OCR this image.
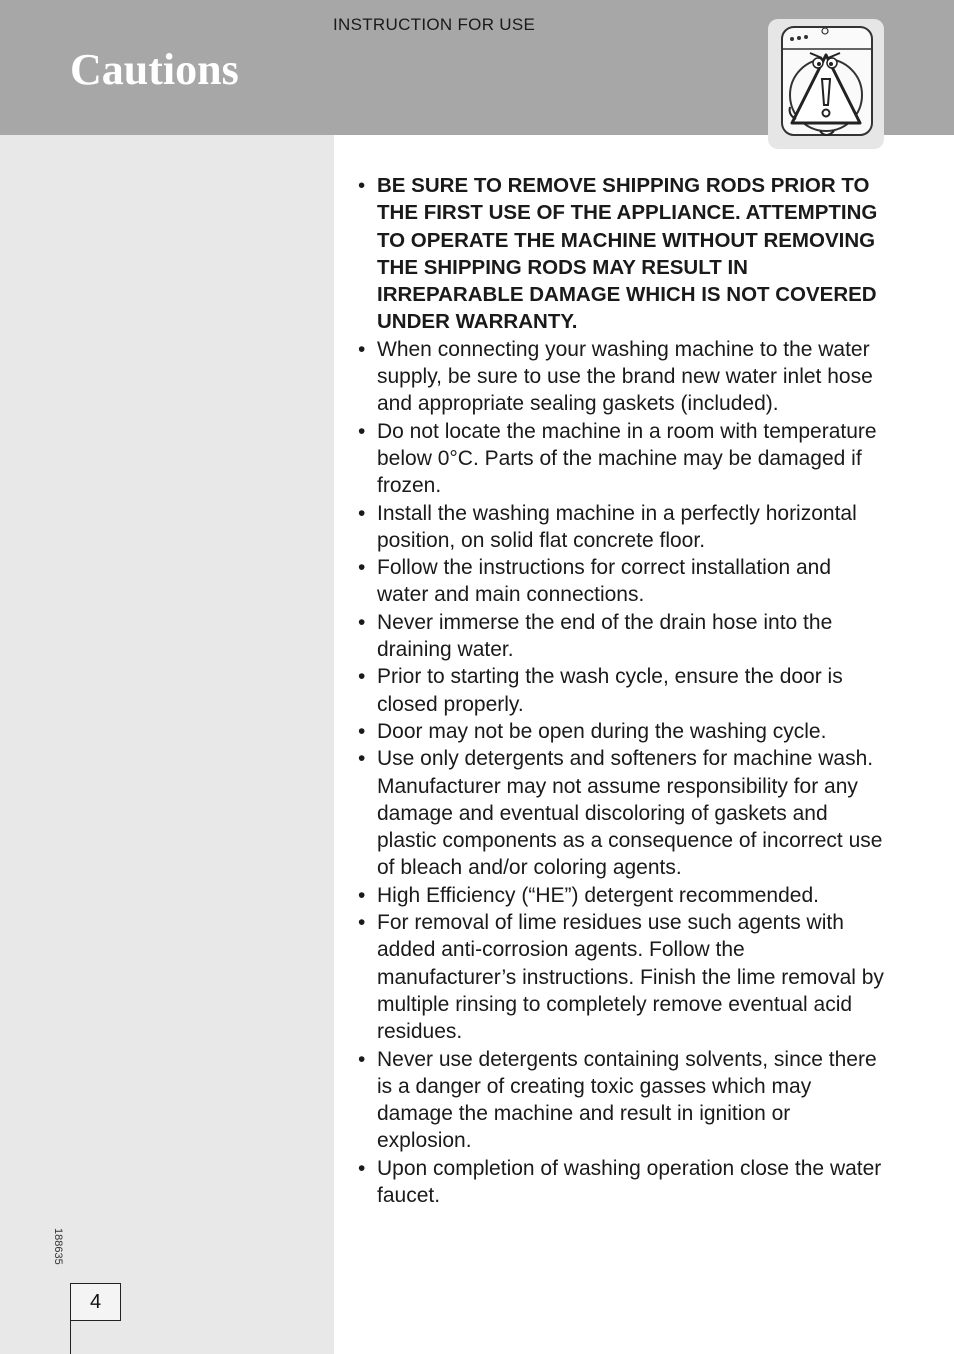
INSTRUCTION FOR USE
Cautions
188635
4
• BE SURE TO REMOVE SHIPPING RODS PRIOR TO THE FIRST USE OF THE APPLIANCE. ATTEMPTING TO OPERATE THE MACHINE WITHOUT REMOVING THE SHIPPING RODS MAY RESULT IN IRREPARABLE DAMAGE WHICH IS NOT COVERED UNDER WARRANTY.
• When connecting your washing machine to the water supply, be sure to use the brand new water inlet hose and appropriate sealing gaskets (included).
• Do not locate the machine in a room with temperature below 0°C. Parts of the machine may be damaged if frozen.
• Install the washing machine in a perfectly horizontal position, on solid flat concrete floor.
• Follow the instructions for correct installation and water and main connections.
• Never immerse the end of the drain hose into the draining water.
• Prior to starting the wash cycle, ensure the door is closed properly.
• Door may not be open during the washing cycle.
• Use only detergents and softeners for machine wash. Manufacturer may not assume responsibility for any damage and eventual discoloring of gaskets and plastic components as a consequence of incorrect use of bleach and/or coloring agents.
• High Efficiency (“HE”) detergent recommended.
• For removal of lime residues use such agents with added anti-corrosion agents. Follow the manufacturer’s instructions. Finish the lime removal by multiple rinsing to completely remove eventual acid residues.
• Never use detergents containing solvents, since there is a danger of creating toxic gasses which may damage the machine and result in ignition or explosion.
• Upon completion of washing operation close the water faucet.
